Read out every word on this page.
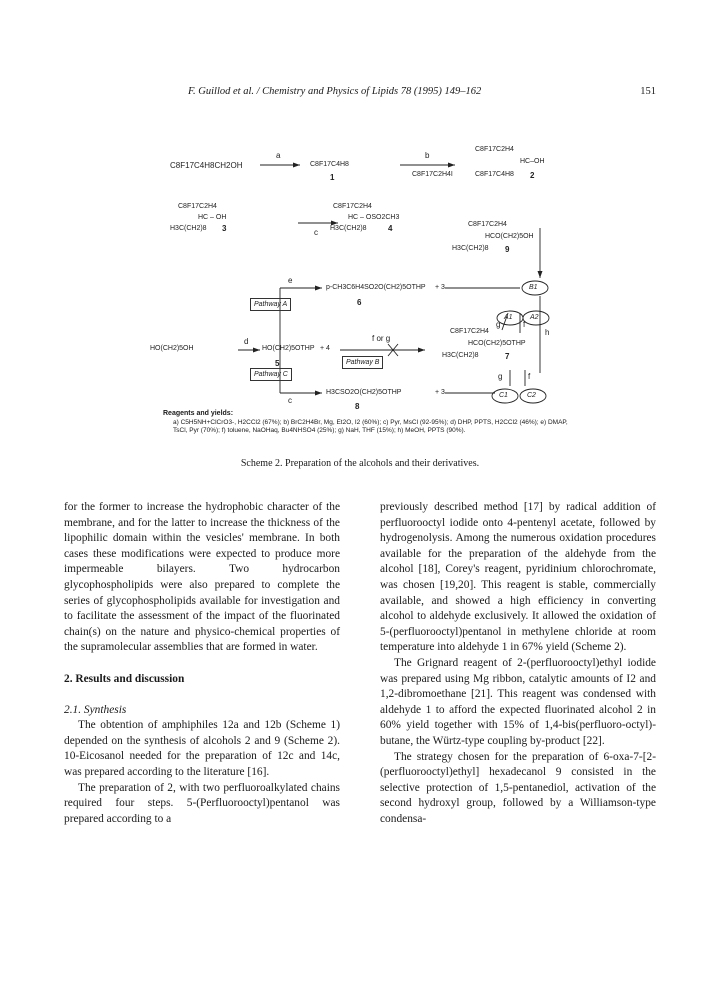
F. Guillod et al. / Chemistry and Physics of Lipids 78 (1995) 149–162	151
C8F17C4H8CH2OH
a
C8F17C4H8
1
b
C8F17C2H4I
C8F17C2H4
HC–OH
C8F17C4H8 2
C8F17C2H4
HC – OH
H3C(CH2)8 3	c
C8F17C2H4
HC – OSO2CH3
H3C(CH2)8	4	C8F17C2H4
HCO(CH2)5OH
H3C(CH2)8 9
e
p-CH3C6H4SO2O(CH2)5OTHP + 3
6
Pathway A
B1
A1 A2
HO(CH2)5OH
d
HO(CH2)5OTHP + 4
5
f or g
Pathway B
g	f
h
C8F17C2H4
HCO(CH2)5OTHP
H3C(CH2)8	7
g	f
Pathway C
c
H3CSO2O(CH2)5OTHP	+ 3
8
C1	C2
Reagents and yields:
a) C5H5NH+ClCrO3-, H2CCl2 (67%); b) BrC2H4Br, Mg, Et2O, I2 (60%); c) Pyr, MsCl (92-95%); d) DHP, PPTS, H2CCl2 (46%); e) DMAP, TsCl, Pyr (70%); f) toluene, NaOHaq, Bu4NHSO4 (25%); g) NaH, THF (15%); h) MeOH, PPTS (90%).
Scheme 2. Preparation of the alcohols and their derivatives.

for the former to increase the hydrophobic character of the membrane, and for the latter to increase the thickness of the lipophilic domain within the vesicles' membrane. In both cases these modifications were expected to produce more impermeable bilayers. Two hydrocarbon glycophospholipids were also prepared to complete the series of glycophospholipids available for investigation and to facilitate the assessment of the impact of the fluorinated chain(s) on the nature and physico-chemical properties of the supramolecular assemblies that are formed in water.

2. Results and discussion

2.1. Synthesis

The obtention of amphiphiles 12a and 12b (Scheme 1) depended on the synthesis of alcohols 2 and 9 (Scheme 2). 10-Eicosanol needed for the preparation of 12c and 14c, was prepared according to the literature [16].

The preparation of 2, with two perfluoroalkylated chains required four steps. 5-(Perfluorooctyl)pentanol was prepared according to a

previously described method [17] by radical addition of perfluorooctyl iodide onto 4-pentenyl acetate, followed by hydrogenolysis. Among the numerous oxidation procedures available for the preparation of the aldehyde from the alcohol [18], Corey's reagent, pyridinium chlorochromate, was chosen [19,20]. This reagent is stable, commercially available, and showed a high efficiency in converting alcohol to aldehyde exclusively. It allowed the oxidation of 5-(perfluorooctyl)pentanol in methylene chloride at room temperature into aldehyde 1 in 67% yield (Scheme 2).

The Grignard reagent of 2-(perfluorooctyl)ethyl iodide was prepared using Mg ribbon, catalytic amounts of I2 and 1,2-dibromoethane [21]. This reagent was condensed with aldehyde 1 to afford the expected fluorinated alcohol 2 in 60% yield together with 15% of 1,4-bis(perfluoro-octyl)-butane, the Würtz-type coupling by-product [22].

The strategy chosen for the preparation of 6-oxa-7-[2-(perfluorooctyl)ethyl] hexadecanol 9 consisted in the selective protection of 1,5-pentanediol, activation of the second hydroxyl group, followed by a Williamson-type condensa-
